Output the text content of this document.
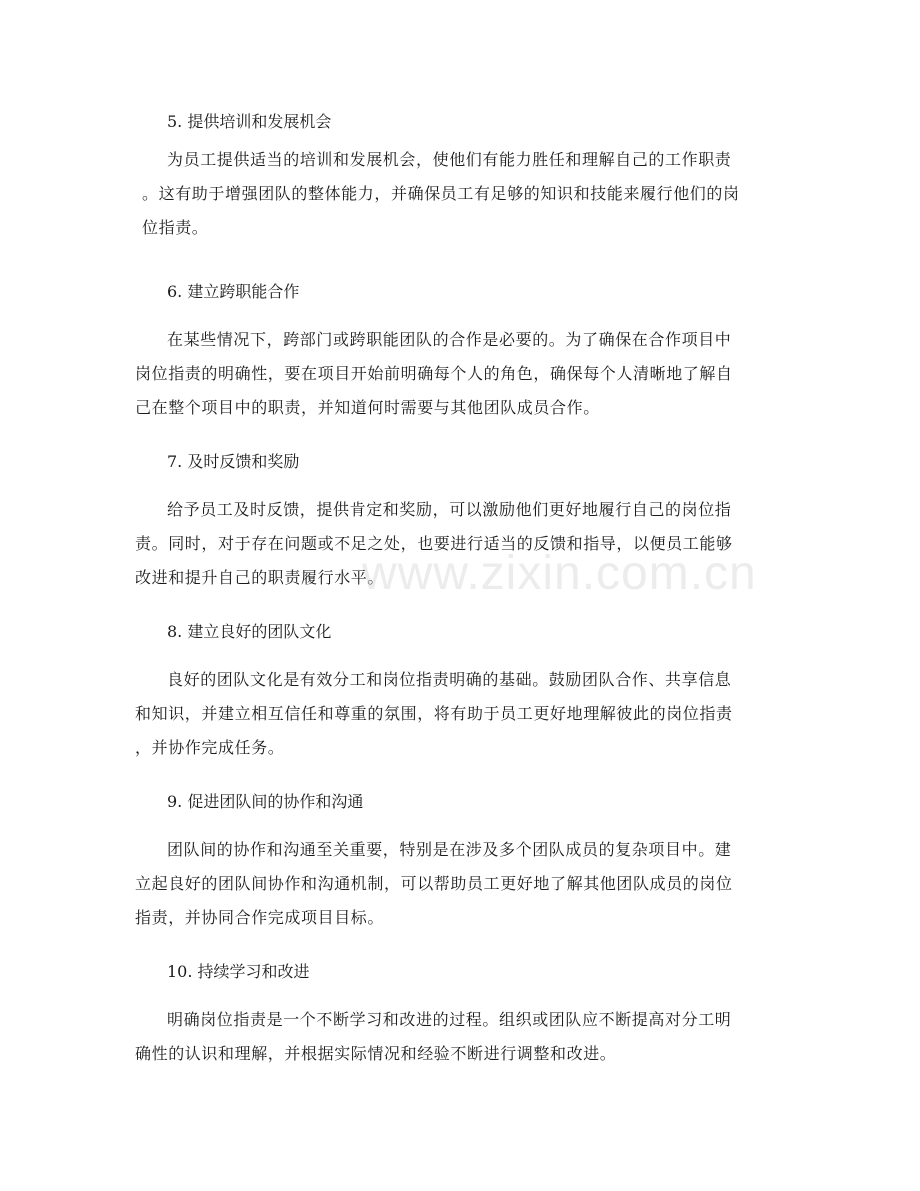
5. 提供培训和发展机会
为员工提供适当的培训和发展机会，使他们有能力胜任和理解自己的工作职责
。这有助于增强团队的整体能力，并确保员工有足够的知识和技能来履行他们的岗
位指责。
6. 建立跨职能合作
在某些情况下，跨部门或跨职能团队的合作是必要的。为了确保在合作项目中
岗位指责的明确性，要在项目开始前明确每个人的角色，确保每个人清晰地了解自
己在整个项目中的职责，并知道何时需要与其他团队成员合作。
7. 及时反馈和奖励
给予员工及时反馈，提供肯定和奖励，可以激励他们更好地履行自己的岗位指
责。同时，对于存在问题或不足之处，也要进行适当的反馈和指导，以便员工能够
改进和提升自己的职责履行水平。
8. 建立良好的团队文化
良好的团队文化是有效分工和岗位指责明确的基础。鼓励团队合作、共享信息
和知识，并建立相互信任和尊重的氛围，将有助于员工更好地理解彼此的岗位指责
，并协作完成任务。
9. 促进团队间的协作和沟通
团队间的协作和沟通至关重要，特别是在涉及多个团队成员的复杂项目中。建
立起良好的团队间协作和沟通机制，可以帮助员工更好地了解其他团队成员的岗位
指责，并协同合作完成项目目标。
10. 持续学习和改进
明确岗位指责是一个不断学习和改进的过程。组织或团队应不断提高对分工明
确性的认识和理解，并根据实际情况和经验不断进行调整和改进。
www.zixin.com.cn
